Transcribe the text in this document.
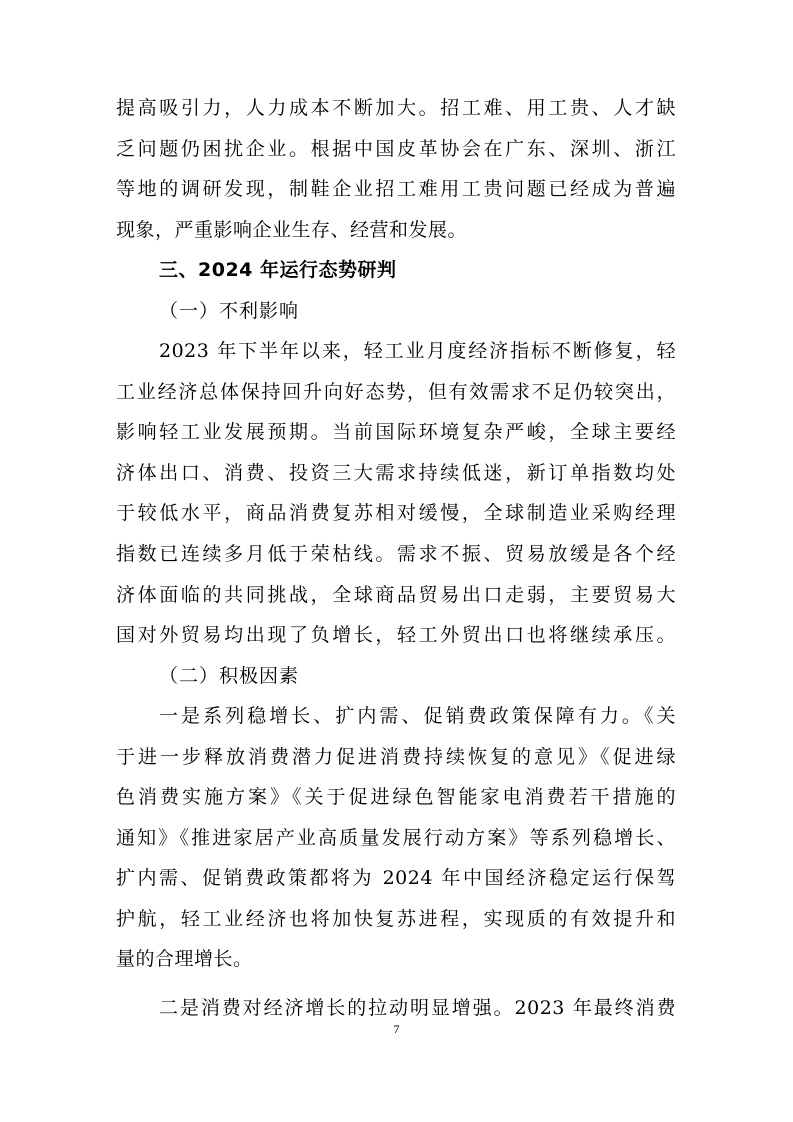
提高吸引力，人力成本不断加大。招工难、用工贵、人才缺
乏问题仍困扰企业。根据中国皮革协会在广东、深圳、浙江
等地的调研发现，制鞋企业招工难用工贵问题已经成为普遍
现象，严重影响企业生存、经营和发展。
三、2024 年运行态势研判
（一）不利影响
2023 年下半年以来，轻工业月度经济指标不断修复，轻
工业经济总体保持回升向好态势，但有效需求不足仍较突出，
影响轻工业发展预期。当前国际环境复杂严峻，全球主要经
济体出口、消费、投资三大需求持续低迷，新订单指数均处
于较低水平，商品消费复苏相对缓慢，全球制造业采购经理
指数已连续多月低于荣枯线。需求不振、贸易放缓是各个经
济体面临的共同挑战，全球商品贸易出口走弱，主要贸易大
国对外贸易均出现了负增长，轻工外贸出口也将继续承压。
（二）积极因素
一是系列稳增长、扩内需、促销费政策保障有力。《关
于进一步释放消费潜力促进消费持续恢复的意见》《促进绿
色消费实施方案》《关于促进绿色智能家电消费若干措施的
通知》《推进家居产业高质量发展行动方案》等系列稳增长、
扩内需、促销费政策都将为 2024 年中国经济稳定运行保驾
护航，轻工业经济也将加快复苏进程，实现质的有效提升和
量的合理增长。
二是消费对经济增长的拉动明显增强。2023 年最终消费
7
